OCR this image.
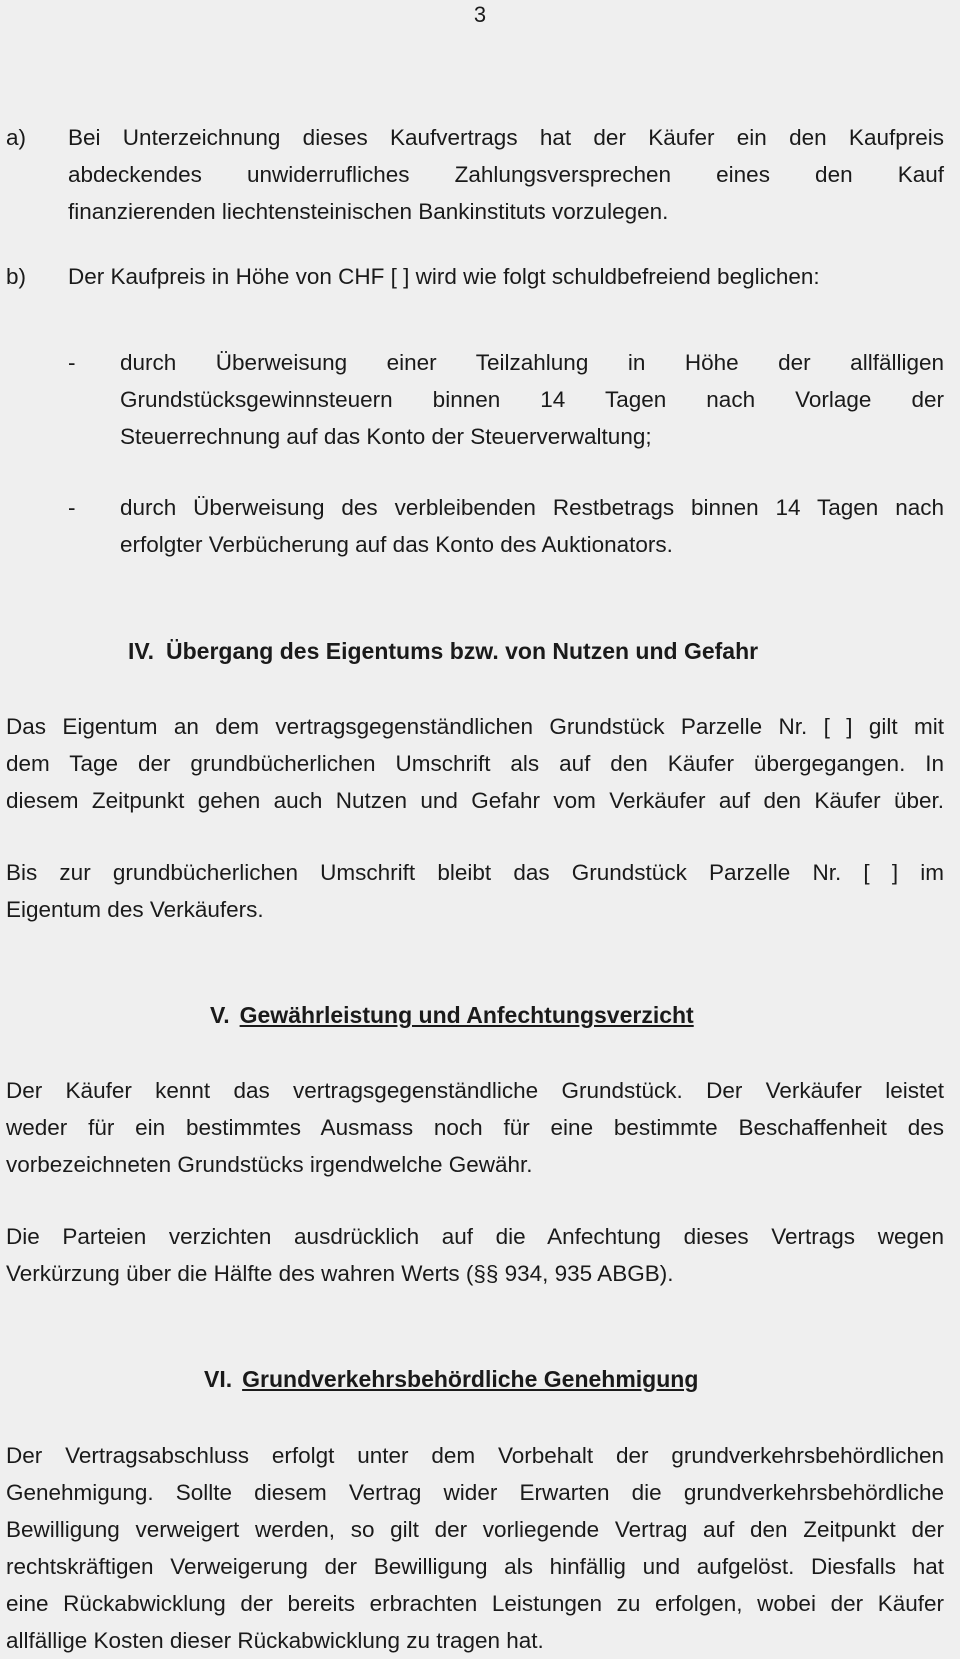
3
a) Bei Unterzeichnung dieses Kaufvertrags hat der Käufer ein den Kaufpreis
abdeckendes unwiderrufliches Zahlungsversprechen eines den Kauf
finanzierenden liechtensteinischen Bankinstituts vorzulegen.
b) Der Kaufpreis in Höhe von CHF [ ] wird wie folgt schuldbefreiend beglichen:
- durch Überweisung einer Teilzahlung in Höhe der allfälligen
Grundstücksgewinnsteuern binnen 14 Tagen nach Vorlage der
Steuerrechnung auf das Konto der Steuerverwaltung;
- durch Überweisung des verbleibenden Restbetrags binnen 14 Tagen nach
erfolgter Verbücherung auf das Konto des Auktionators.
IV. Übergang des Eigentums bzw. von Nutzen und Gefahr
Das Eigentum an dem vertragsgegenständlichen Grundstück Parzelle Nr. [ ] gilt mit
dem Tage der grundbücherlichen Umschrift als auf den Käufer übergegangen. In
diesem Zeitpunkt gehen auch Nutzen und Gefahr vom Verkäufer auf den Käufer über.
Bis zur grundbücherlichen Umschrift bleibt das Grundstück Parzelle Nr. [ ] im
Eigentum des Verkäufers.
V. Gewährleistung und Anfechtungsverzicht
Der Käufer kennt das vertragsgegenständliche Grundstück. Der Verkäufer leistet
weder für ein bestimmtes Ausmass noch für eine bestimmte Beschaffenheit des
vorbezeichneten Grundstücks irgendwelche Gewähr.
Die Parteien verzichten ausdrücklich auf die Anfechtung dieses Vertrags wegen
Verkürzung über die Hälfte des wahren Werts (§§ 934, 935 ABGB).
VI. Grundverkehrsbehördliche Genehmigung
Der Vertragsabschluss erfolgt unter dem Vorbehalt der grundverkehrsbehördlichen
Genehmigung. Sollte diesem Vertrag wider Erwarten die grundverkehrsbehördliche
Bewilligung verweigert werden, so gilt der vorliegende Vertrag auf den Zeitpunkt der
rechtskräftigen Verweigerung der Bewilligung als hinfällig und aufgelöst. Diesfalls hat
eine Rückabwicklung der bereits erbrachten Leistungen zu erfolgen, wobei der Käufer
allfällige Kosten dieser Rückabwicklung zu tragen hat.
